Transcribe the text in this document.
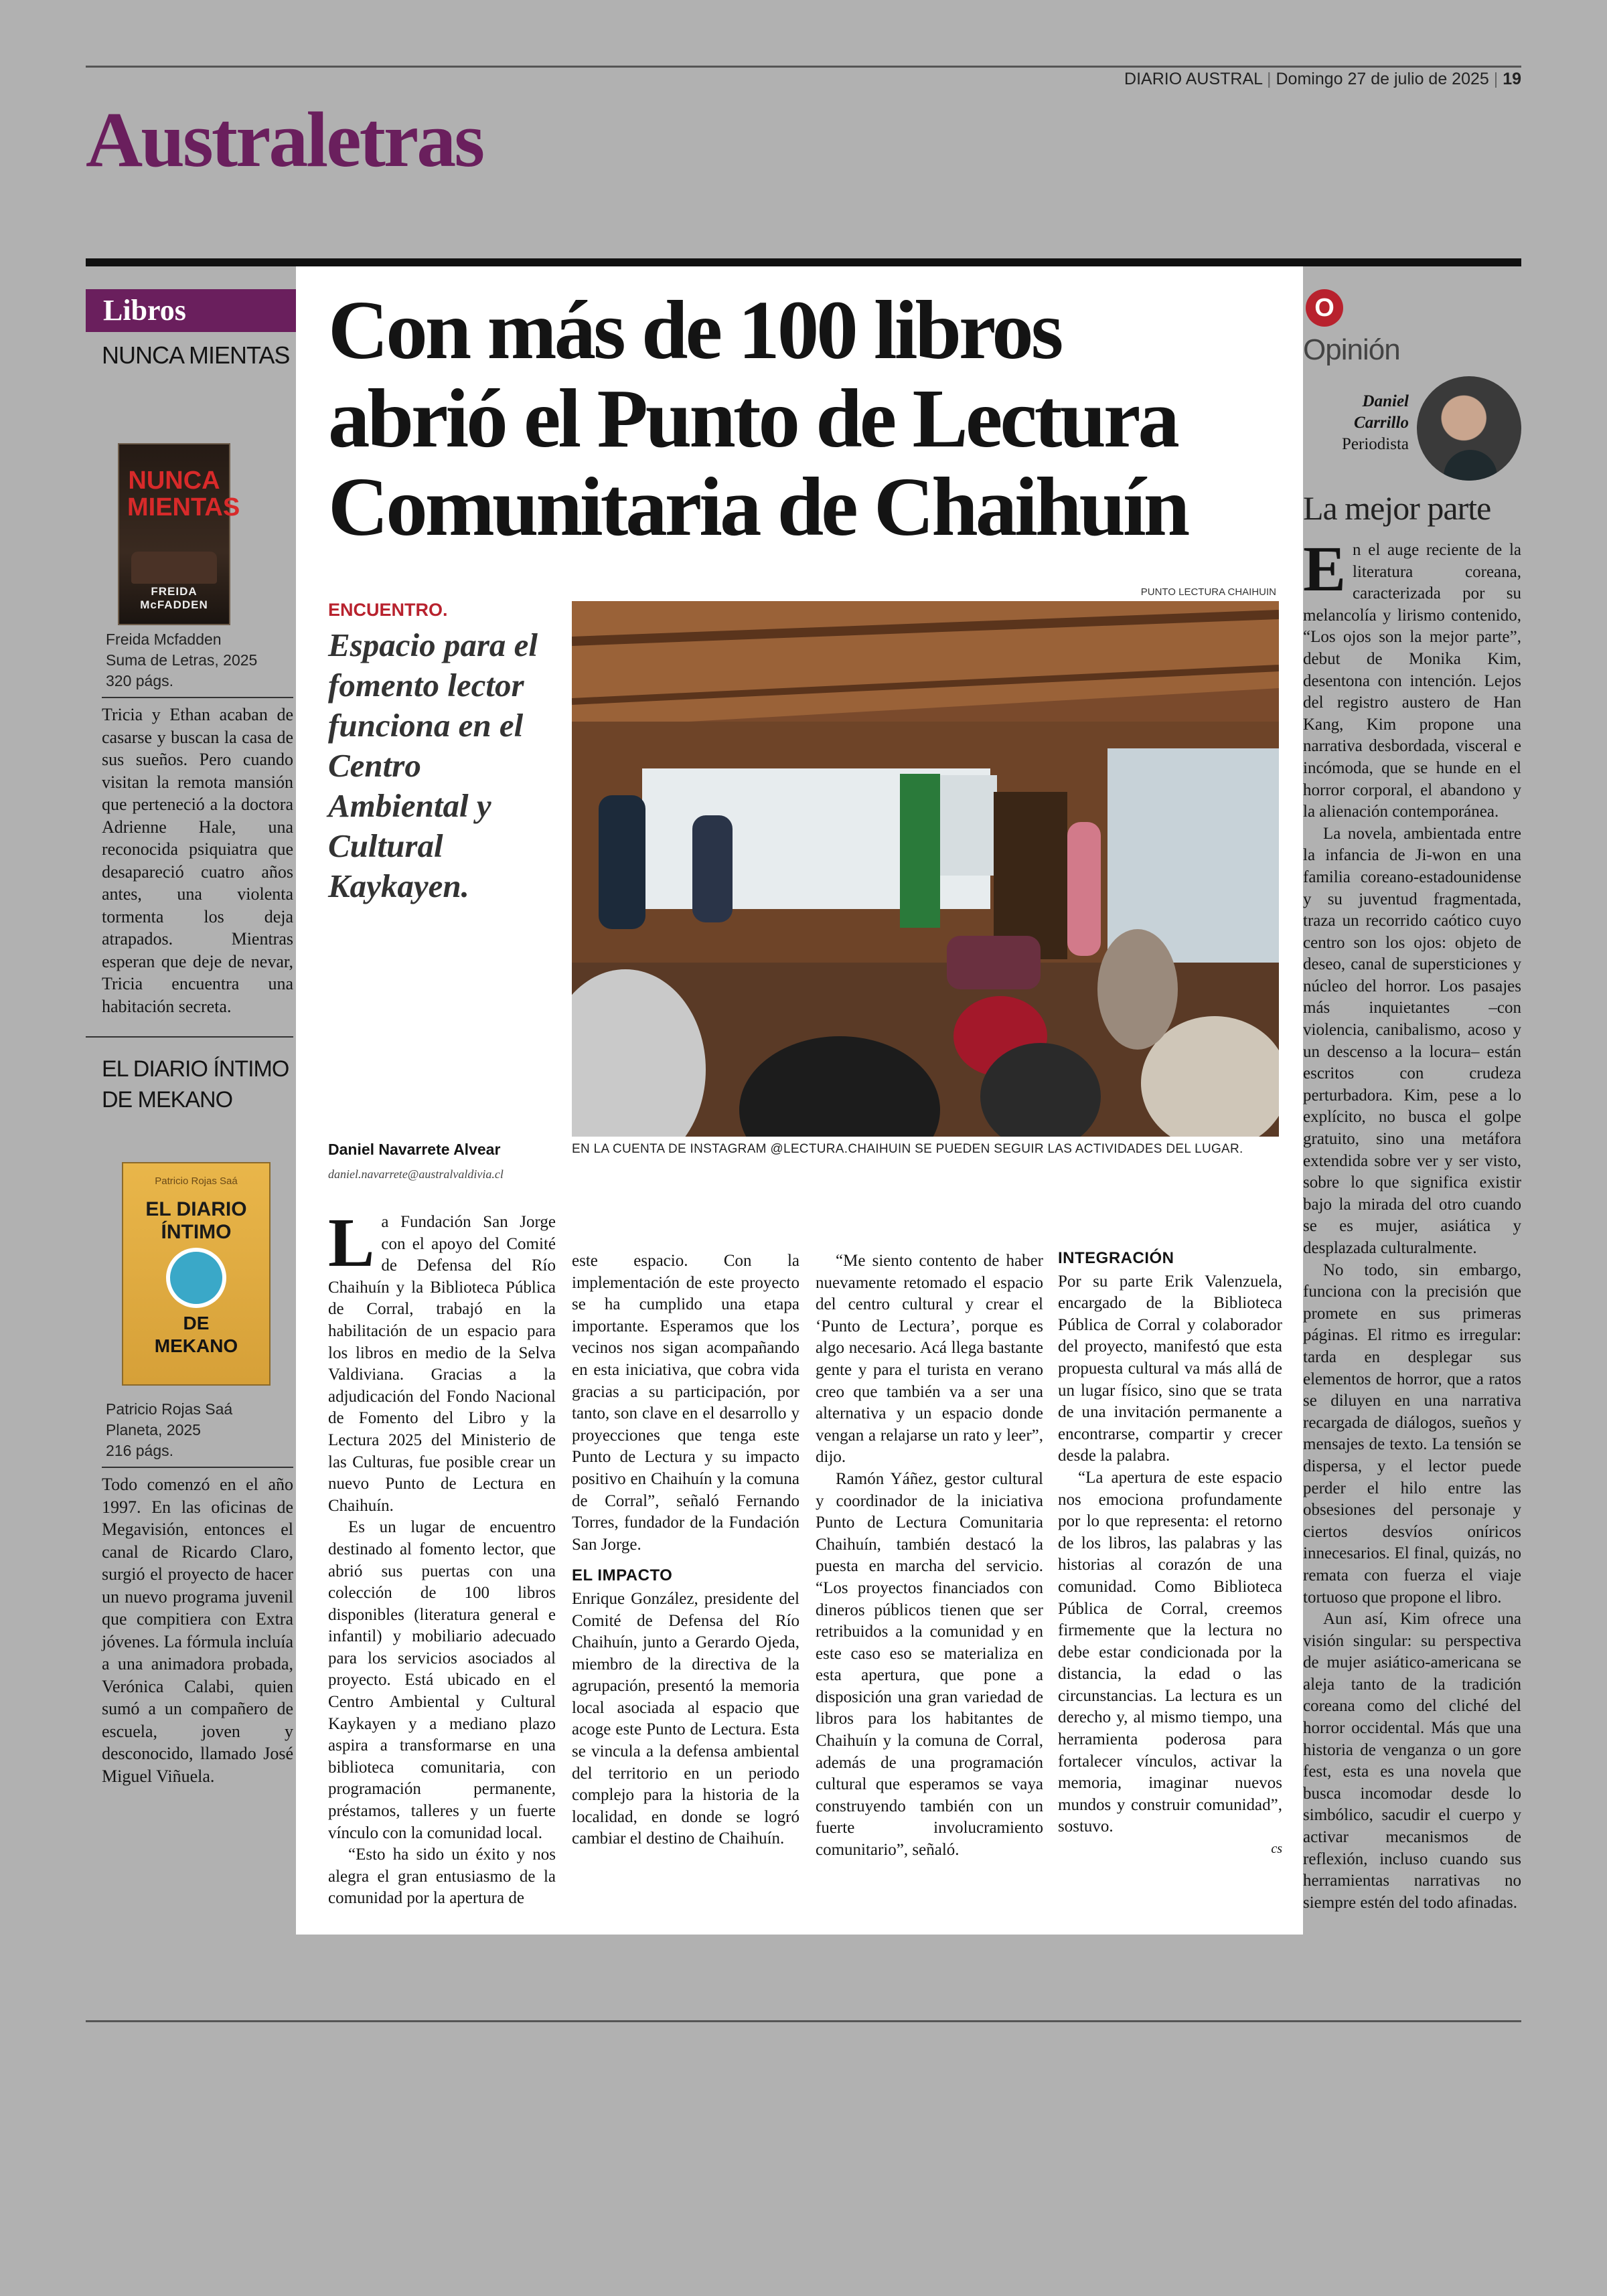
DIARIO AUSTRAL | Domingo 27 de julio de 2025 | 19
Australetras
Libros
NUNCA MIENTAS
NUNCA MIENTAS
FREIDA McFADDEN
Freida Mcfadden
Suma de Letras, 2025
320 págs.

Tricia y Ethan acaban de casarse y buscan la casa de sus sueños. Pero cuando visitan la remota mansión que perteneció a la doctora Adrienne Hale, una reconocida psiquiatra que desapareció cuatro años antes, una violenta tormenta los deja atrapados. Mientras esperan que deje de nevar, Tricia encuentra una habitación secreta.

EL DIARIO ÍNTIMO
DE MEKANO
Patricio Rojas Saá
EL DIARIO
ÍNTIMO
DE
MEKANO
Patricio Rojas Saá
Planeta, 2025
216 págs.

Todo comenzó en el año 1997. En las oficinas de Megavisión, entonces el canal de Ricardo Claro, surgió el proyecto de hacer un nuevo programa juvenil que compitiera con Extra jóvenes. La fórmula incluía a una animadora probada, Verónica Calabi, quien sumó a un compañero de escuela, joven y desconocido, llamado José Miguel Viñuela.

Con más de 100 libros
abrió el Punto de Lectura
Comunitaria de Chaihuín
ENCUENTRO.
Espacio para el fomento lector funciona en el Centro Ambiental y Cultural Kaykayen.
Daniel Navarrete Alvear
daniel.navarrete@australvaldivia.cl
PUNTO LECTURA CHAIHUIN
EN LA CUENTA DE INSTAGRAM @LECTURA.CHAIHUIN SE PUEDEN SEGUIR LAS ACTIVIDADES DEL LUGAR.
L a Fundación San Jorge con el apoyo del Comité de Defensa del Río Chaihuín y la Biblioteca Pública de Corral, trabajó en la habilitación de un espacio para los libros en medio de la Selva Valdiviana. Gracias a la adjudicación del Fondo Nacional de Fomento del Libro y la Lectura 2025 del Ministerio de las Culturas, fue posible crear un nuevo Punto de Lectura en Chaihuín.

Es un lugar de encuentro destinado al fomento lector, que abrió sus puertas con una colección de 100 libros disponibles (literatura general e infantil) y mobiliario adecuado para los servicios asociados al proyecto. Está ubicado en el Centro Ambiental y Cultural Kaykayen y a mediano plazo aspira a transformarse en una biblioteca comunitaria, con programación permanente, préstamos, talleres y un fuerte vínculo con la comunidad local.

“Esto ha sido un éxito y nos alegra el gran entusiasmo de la comunidad por la apertura de

este espacio. Con la implementación de este proyecto se ha cumplido una etapa importante. Esperamos que los vecinos nos sigan acompañando en esta iniciativa, que cobra vida gracias a su participación, por tanto, son clave en el desarrollo y proyecciones que tenga este Punto de Lectura y su impacto positivo en Chaihuín y la comuna de Corral”, señaló Fernando Torres, fundador de la Fundación San Jorge.

EL IMPACTO

Enrique González, presidente del Comité de Defensa del Río Chaihuín, junto a Gerardo Ojeda, miembro de la directiva de la agrupación, presentó la memoria local asociada al espacio que acoge este Punto de Lectura. Esta se vincula a la defensa ambiental del territorio en un periodo complejo para la historia de la localidad, en donde se logró cambiar el destino de Chaihuín.

“Me siento contento de haber nuevamente retomado el espacio del centro cultural y crear el ‘Punto de Lectura’, porque es algo necesario. Acá llega bastante gente y para el turista en verano creo que también va a ser una alternativa y un espacio donde vengan a relajarse un rato y leer”, dijo.

Ramón Yáñez, gestor cultural y coordinador de la iniciativa Punto de Lectura Comunitaria Chaihuín, también destacó la puesta en marcha del servicio. “Los proyectos financiados con dineros públicos tienen que ser retribuidos a la comunidad y en este caso eso se materializa en esta apertura, que pone a disposición una gran variedad de libros para los habitantes de Chaihuín y la comuna de Corral, además de una programación cultural que esperamos se vaya construyendo también con un fuerte involucramiento comunitario”, señaló.

INTEGRACIÓN

Por su parte Erik Valenzuela, encargado de la Biblioteca Pública de Corral y colaborador del proyecto, manifestó que esta propuesta cultural va más allá de un lugar físico, sino que se trata de una invitación permanente a encontrarse, compartir y crecer desde la palabra.

“La apertura de este espacio nos emociona profundamente por lo que representa: el retorno de los libros, las palabras y las historias al corazón de una comunidad. Como Biblioteca Pública de Corral, creemos firmemente que la lectura no debe estar condicionada por la distancia, la edad o las circunstancias. La lectura es un derecho y, al mismo tiempo, una herramienta poderosa para fortalecer vínculos, activar la memoria, imaginar nuevos mundos y construir comunidad”, sostuvo.

cs
O
Opinión
Daniel
Carrillo
Periodista
La mejor parte
E n el auge reciente de la literatura coreana, caracterizada por su melancolía y lirismo contenido, “Los ojos son la mejor parte”, debut de Monika Kim, desentona con intención. Lejos del registro austero de Han Kang, Kim propone una narrativa desbordada, visceral e incómoda, que se hunde en el horror corporal, el abandono y la alienación contemporánea.

La novela, ambientada entre la infancia de Ji-won en una familia coreano-estadounidense y su juventud fragmentada, traza un recorrido caótico cuyo centro son los ojos: objeto de deseo, canal de supersticiones y núcleo del horror. Los pasajes más inquietantes –con violencia, canibalismo, acoso y un descenso a la locura– están escritos con crudeza perturbadora. Kim, pese a lo explícito, no busca el golpe gratuito, sino una metáfora extendida sobre ver y ser visto, sobre lo que significa existir bajo la mirada del otro cuando se es mujer, asiática y desplazada culturalmente.

No todo, sin embargo, funciona con la precisión que promete en sus primeras páginas. El ritmo es irregular: tarda en desplegar sus elementos de horror, que a ratos se diluyen en una narrativa recargada de diálogos, sueños y mensajes de texto. La tensión se dispersa, y el lector puede perder el hilo entre las obsesiones del personaje y ciertos desvíos oníricos innecesarios. El final, quizás, no remata con fuerza el viaje tortuoso que propone el libro.

Aun así, Kim ofrece una visión singular: su perspectiva de mujer asiático-americana se aleja tanto de la tradición coreana como del cliché del horror occidental. Más que una historia de venganza o un gore fest, esta es una novela que busca incomodar desde lo simbólico, sacudir el cuerpo y activar mecanismos de reflexión, incluso cuando sus herramientas narrativas no siempre estén del todo afinadas.
